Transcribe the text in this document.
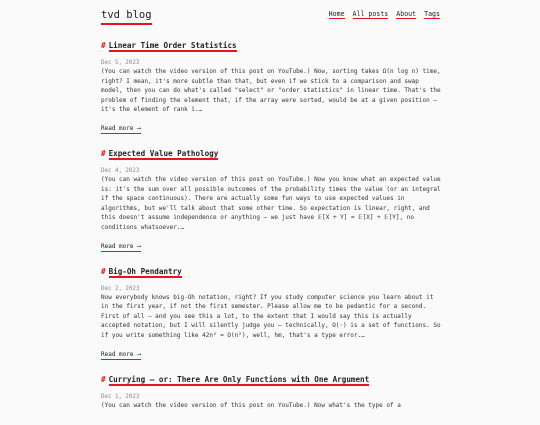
tvd blog	Home All posts About Tags
# Linear Time Order Statistics
Dec 5, 2023

(You can watch the video version of this post on YouTube.) Now, sorting takes Ω(n log n) time, right? I mean, it's more subtle than that, but even if we stick to a comparison and swap model, then you can do what's called "select" or "order statistics" in linear time. That's the problem of finding the element that, if the array were sorted, would be at a given position – it's the element of rank i.…

Read more ⟶
# Expected Value Pathology
Dec 4, 2023

(You can watch the video version of this post on YouTube.) Now you know what an expected value is: it's the sum over all possible outcomes of the probability times the value (or an integral if the space continuous). There are actually some fun ways to use expected values in algorithms, but we'll talk about that some other time. So expectation is linear, right, and this doesn't assume independence or anything – we just have 𝔼[X + Y] = 𝔼[X] + 𝔼[Y], no conditions whatsoever.…

Read more ⟶
# Big-Oh Pendantry
Dec 2, 2023

Now everybody knows big-Oh notation, right? If you study computer science you learn about it in the first year, if not the first semester. Please allow me to be pedantic for a second. First of all – and you see this a lot, to the extent that I would say this is actually accepted notation, but I will silently judge you – technically, O(·) is a set of functions. So if you write something like 42n² = O(n²), well, hm, that's a type error.…

Read more ⟶
# Currying – or: There Are Only Functions with One Argument
Dec 1, 2023

(You can watch the video version of this post on YouTube.) Now what's the type of a
